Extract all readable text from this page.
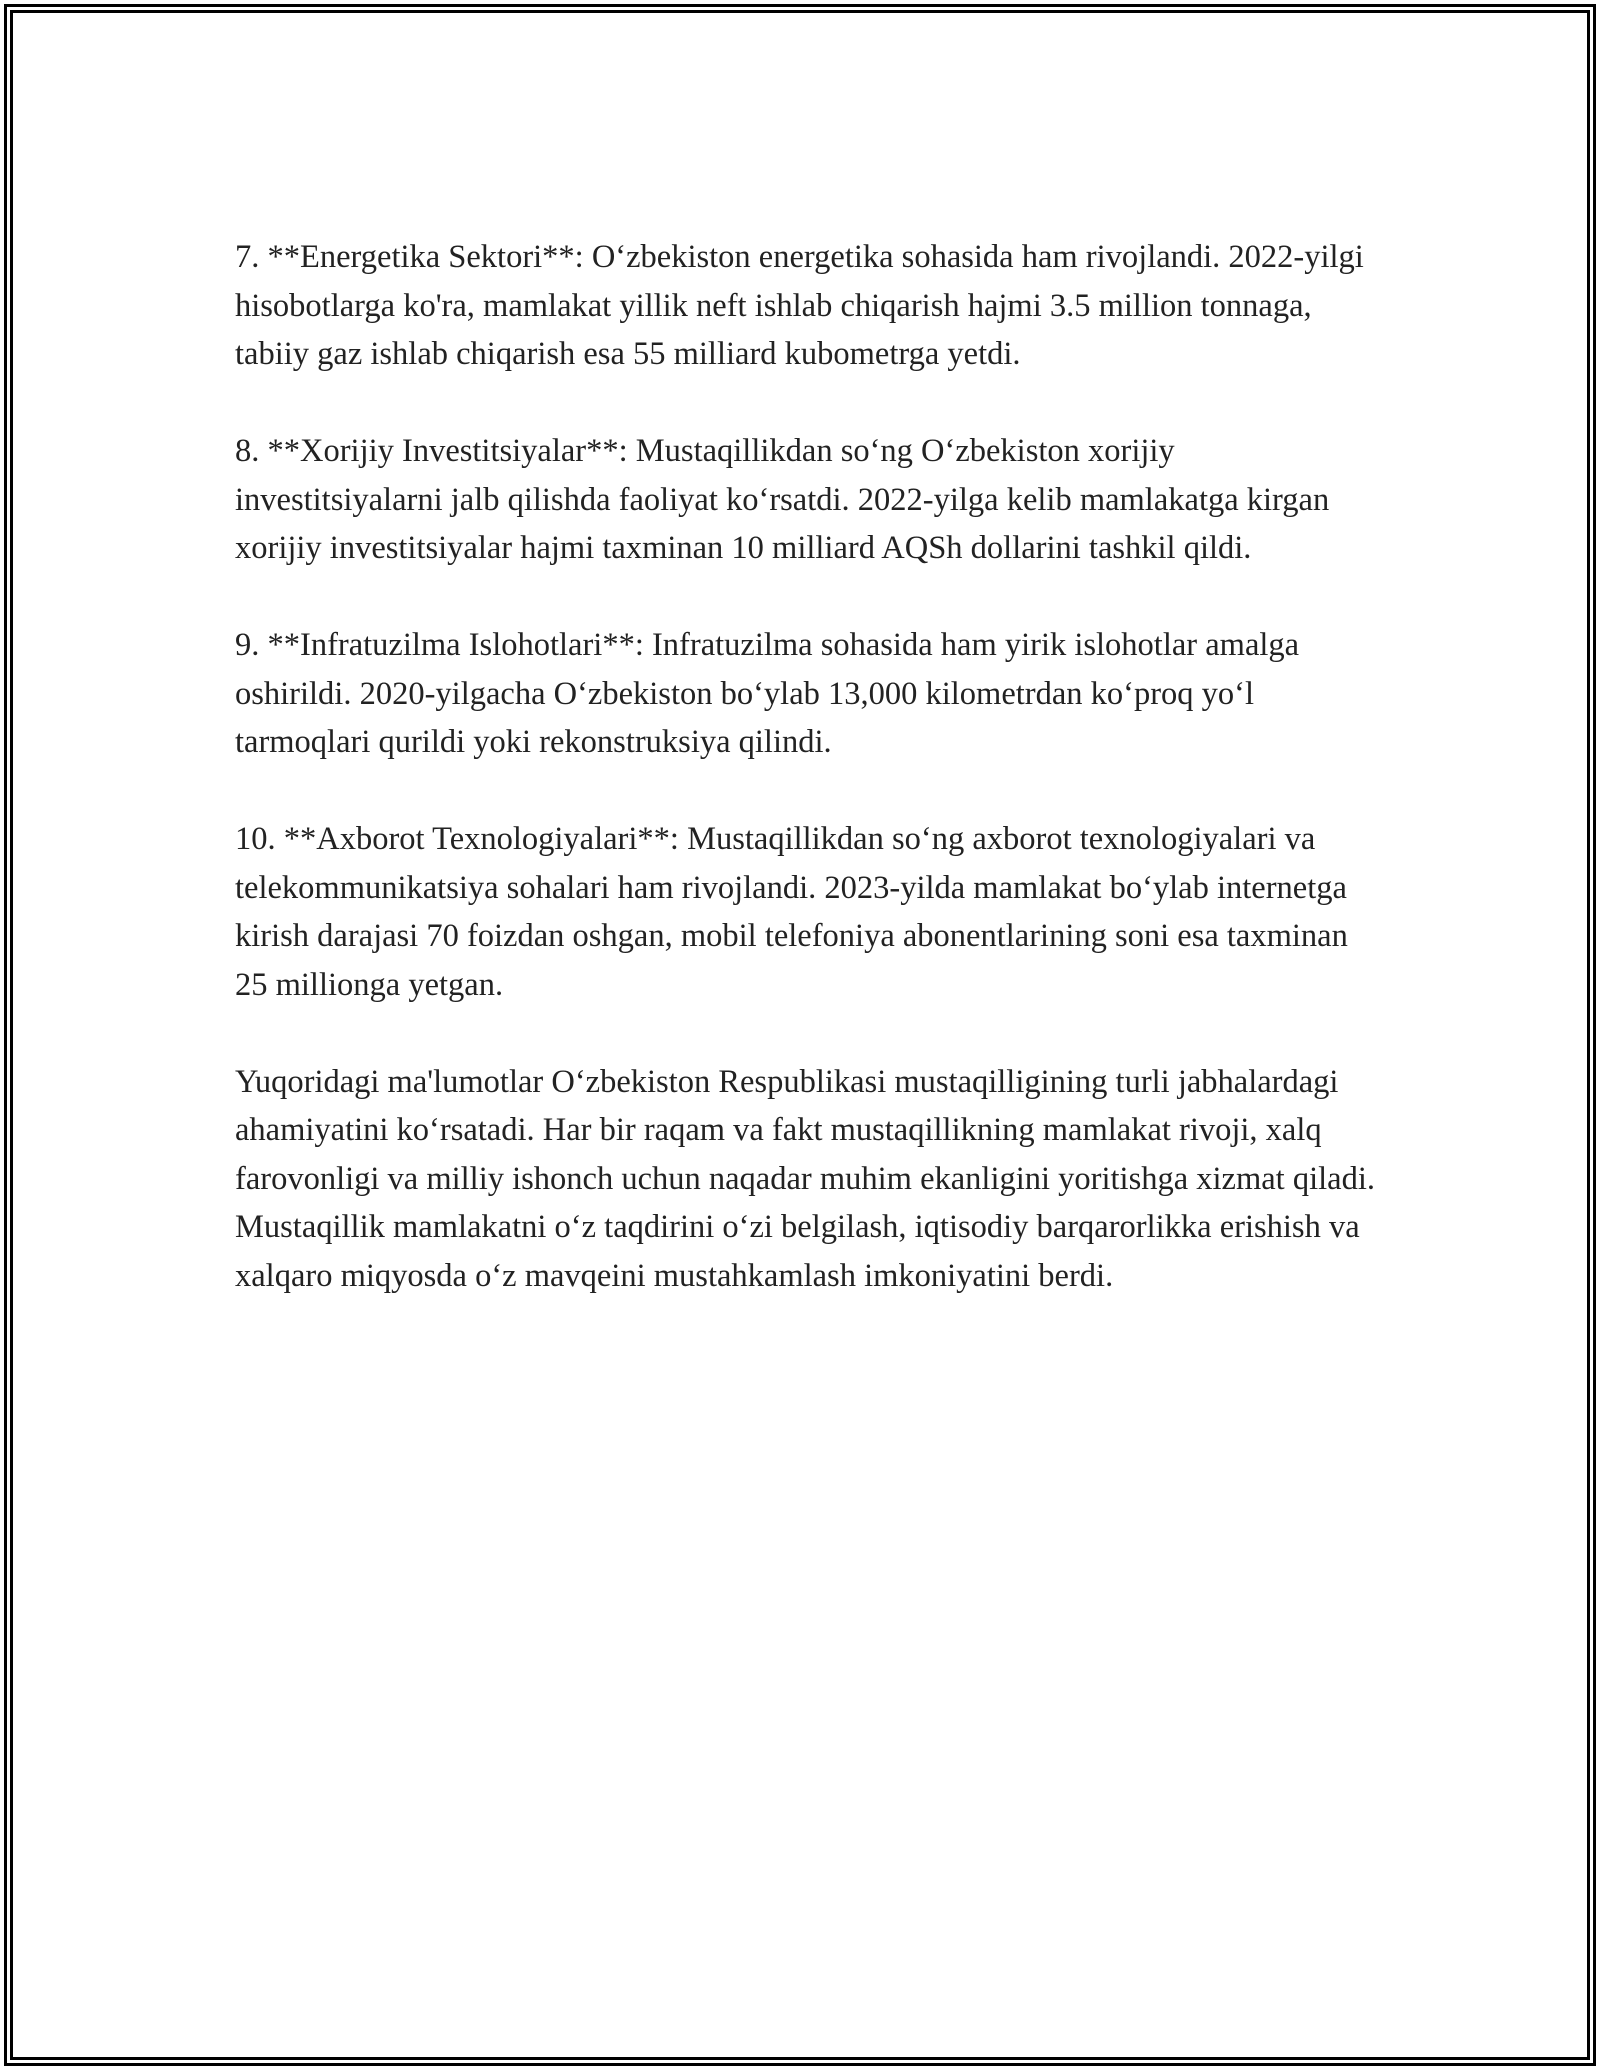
7. **Energetika Sektori**: O‘zbekiston energetika sohasida ham rivojlandi. 2022-yilgi hisobotlarga ko'ra, mamlakat yillik neft ishlab chiqarish hajmi 3.5 million tonnaga, tabiiy gaz ishlab chiqarish esa 55 milliard kubometrga yetdi.

8. **Xorijiy Investitsiyalar**: Mustaqillikdan so‘ng O‘zbekiston xorijiy investitsiyalarni jalb qilishda faoliyat ko‘rsatdi. 2022-yilga kelib mamlakatga kirgan xorijiy investitsiyalar hajmi taxminan 10 milliard AQSh dollarini tashkil qildi.

9. **Infratuzilma Islohotlari**: Infratuzilma sohasida ham yirik islohotlar amalga oshirildi. 2020-yilgacha O‘zbekiston bo‘ylab 13,000 kilometrdan ko‘proq yo‘l tarmoqlari qurildi yoki rekonstruksiya qilindi.

10. **Axborot Texnologiyalari**: Mustaqillikdan so‘ng axborot texnologiyalari va telekommunikatsiya sohalari ham rivojlandi. 2023-yilda mamlakat bo‘ylab internetga kirish darajasi 70 foizdan oshgan, mobil telefoniya abonentlarining soni esa taxminan 25 millionga yetgan.

Yuqoridagi ma'lumotlar O‘zbekiston Respublikasi mustaqilligining turli jabhalardagi ahamiyatini ko‘rsatadi. Har bir raqam va fakt mustaqillikning mamlakat rivoji, xalq farovonligi va milliy ishonch uchun naqadar muhim ekanligini yoritishga xizmat qiladi. Mustaqillik mamlakatni o‘z taqdirini o‘zi belgilash, iqtisodiy barqarorlikka erishish va xalqaro miqyosda o‘z mavqeini mustahkamlash imkoniyatini berdi.
